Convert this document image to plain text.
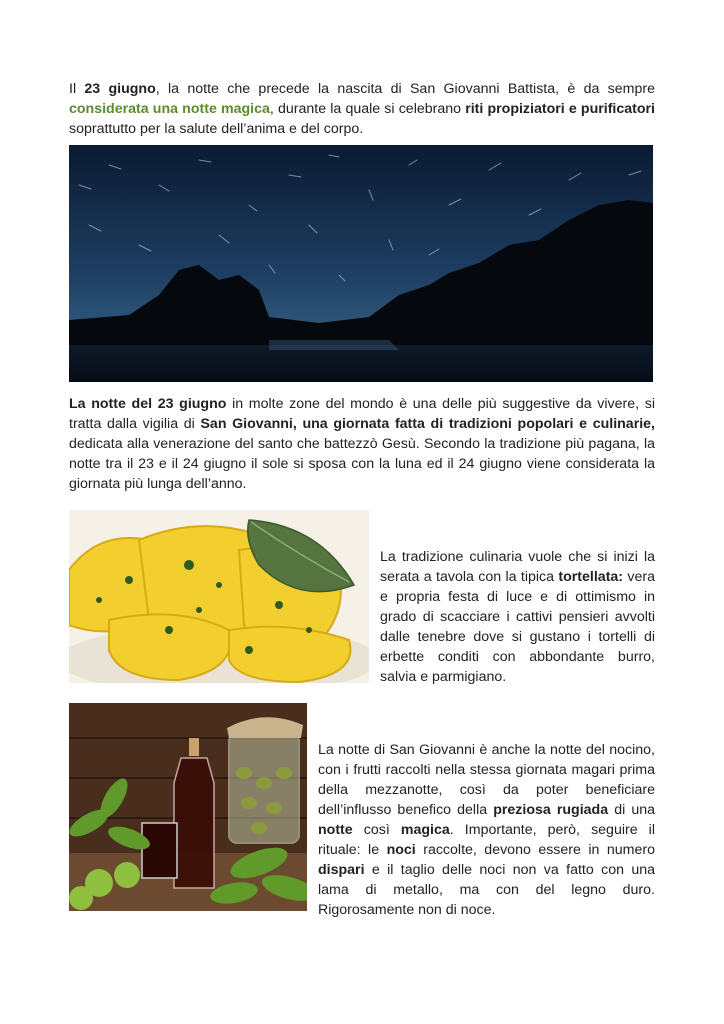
Il 23 giugno, la notte che precede la nascita di San Giovanni Battista, è da sempre considerata una notte magica, durante la quale si celebrano riti propiziatori e purificatori soprattutto per la salute dell’anima e del corpo.
La notte del 23 giugno in molte zone del mondo è una delle più suggestive da vivere, si tratta dalla vigilia di San Giovanni, una giornata fatta di tradizioni popolari e culinarie, dedicata alla venerazione del santo che battezzò Gesù. Secondo la tradizione più pagana, la notte tra il 23 e il 24 giugno il sole si sposa con la luna ed il 24 giugno viene considerata la giornata più lunga dell’anno.
La tradizione culinaria vuole che si inizi la serata a tavola con la tipica tortellata: vera e propria festa di luce e di ottimismo in grado di scacciare i cattivi pensieri avvolti dalle tenebre dove si gustano i tortelli di erbette conditi con abbondante burro, salvia e parmigiano.
La notte di San Giovanni è anche la notte del nocino, con i frutti raccolti nella stessa giornata magari prima della mezzanotte, così da poter beneficiare dell’influsso benefico della preziosa rugiada di una notte così magica. Importante, però, seguire il rituale: le noci raccolte, devono essere in numero dispari e il taglio delle noci non va fatto con una lama di metallo, ma con del legno duro. Rigorosamente non di noce.
